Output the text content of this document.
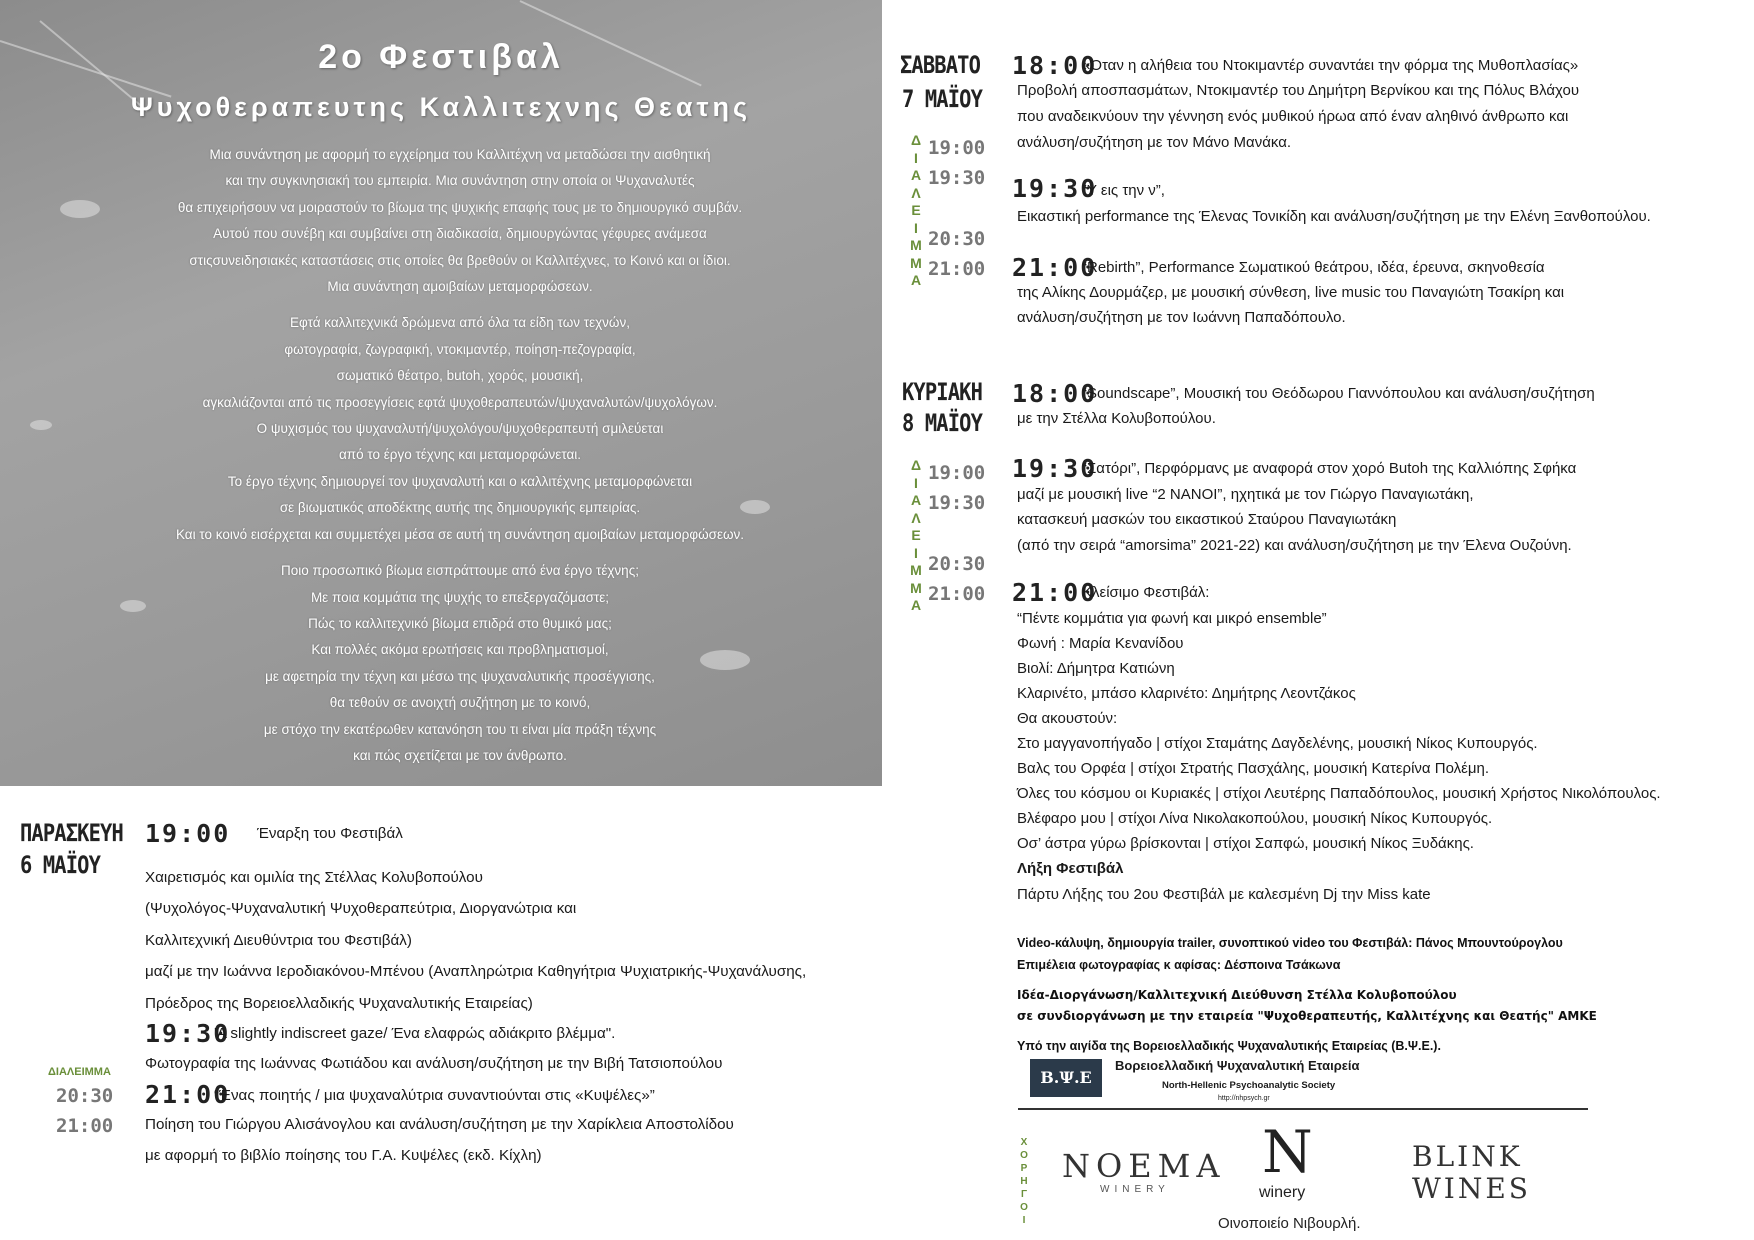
2ο Φεστιβαλ
Ψυχοθεραπευτης Καλλιτεχνης Θεατης

Μια συνάντηση με αφορμή το εγχείρημα του Καλλιτέχνη να μεταδώσει την αισθητική

και την συγκινησιακή του εμπειρία. Μια συνάντηση στην οποία οι Ψυχαναλυτές

θα επιχειρήσουν να μοιραστούν το βίωμα της ψυχικής επαφής τους με το δημιουργικό συμβάν.

Αυτού που συνέβη και συμβαίνει στη διαδικασία, δημιουργώντας γέφυρες ανάμεσα

στιςσυνειδησιακές καταστάσεις στις οποίες θα βρεθούν οι Καλλιτέχνες, το Κοινό και οι ίδιοι.

Μια συνάντηση αμοιβαίων μεταμορφώσεων.

Εφτά καλλιτεχνικά δρώμενα από όλα τα είδη των τεχνών,

φωτογραφία, ζωγραφική, ντοκιμαντέρ, ποίηση-πεζογραφία,

σωματικό θέατρο, butoh, χορός, μουσική,

αγκαλιάζονται από τις προσεγγίσεις εφτά ψυχοθεραπευτών/ψυχαναλυτών/ψυχολόγων.

Ο ψυχισμός του ψυχαναλυτή/ψυχολόγου/ψυχοθεραπευτή σμιλεύεται

από το έργο τέχνης και μεταμορφώνεται.

Το έργο τέχνης δημιουργεί τον ψυχαναλυτή και ο καλλιτέχνης μεταμορφώνεται

σε βιωματικός αποδέκτης αυτής της δημιουργικής εμπειρίας.

Και το κοινό εισέρχεται και συμμετέχει μέσα σε αυτή τη συνάντηση αμοιβαίων μεταμορφώσεων.

Ποιο προσωπικό βίωμα εισπράττουμε από ένα έργο τέχνης;

Με ποια κομμάτια της ψυχής το επεξεργαζόμαστε;

Πώς το καλλιτεχνικό βίωμα επιδρά στο θυμικό μας;

Και πολλές ακόμα ερωτήσεις και προβληματισμοί,

με αφετηρία την τέχνη και μέσω της ψυχαναλυτικής προσέγγισης,

θα τεθούν σε ανοιχτή συζήτηση με το κοινό,

με στόχο την εκατέρωθεν κατανόηση του τι είναι μία πράξη τέχνης

και πώς σχετίζεται με τον άνθρωπο.

ΠΑΡΑΣΚΕΥΗ
6 ΜΑΪΟΥ
19:00 Έναρξη του Φεστιβάλ
Χαιρετισμός και ομιλία της Στέλλας Κολυβοπούλου
(Ψυχολόγος-Ψυχαναλυτική Ψυχοθεραπεύτρια, Διοργανώτρια και
Καλλιτεχνική Διευθύντρια του Φεστιβάλ)
μαζί με την Ιωάννα Ιεροδιακόνου-Μπένου (Αναπληρώτρια Καθηγήτρια Ψυχιατρικής-Ψυχανάλυσης,
Πρόεδρος της Βορειοελλαδικής Ψυχαναλυτικής Εταιρείας)
19:30
'A slightly indiscreet gaze/ Ένα ελαφρώς αδιάκριτο βλέμμα".
Φωτογραφία της Ιωάννας Φωτιάδου και ανάλυση/συζήτηση με την Βιβή Τατσιοπούλου
ΔΙΑΛΕΙΜΜΑ
20:30
21:00
21:00
“Ένας ποιητής / μια ψυχαναλύτρια συναντιούνται στις «Κυψέλες»”
Ποίηση του Γιώργου Αλισάνογλου και ανάλυση/συζήτηση με την Χαρίκλεια Αποστολίδου
με αφορμή το βιβλίο ποίησης του Γ.Α. Κυψέλες (εκδ. Κίχλη)
ΣΑΒΒΑΤΟ
7 ΜΑΪΟΥ
Δ
Ι
Α
Λ
Ε
Ι
Μ
Μ
Α
19:00
19:30
20:30
21:00
18:00
«Όταν η αλήθεια του Ντοκιμαντέρ συναντάει την φόρμα της Μυθοπλασίας»
Προβολή αποσπασμάτων, Ντοκιμαντέρ του Δημήτρη Βερνίκου και της Πόλυς Βλάχου
που αναδεικνύουν την γέννηση ενός μυθικού ήρωα από έναν αληθινό άνθρωπο και
ανάλυση/συζήτηση με τον Μάνο Μανάκα.
19:30
“Υ εις την ν”,
Εικαστική performance της Έλενας Τονικίδη και ανάλυση/συζήτηση με την Ελένη Ξανθοπούλου.
21:00
“Rebirth”, Performance Σωματικού θεάτρου, ιδέα, έρευνα, σκηνοθεσία
της Αλίκης Δουρμάζερ, με μουσική σύνθεση, live music του Παναγιώτη Τσακίρη και
ανάλυση/συζήτηση με τον Ιωάννη Παπαδόπουλο.
ΚΥΡΙΑΚΗ
8 ΜΑΪΟΥ
Δ
Ι
Α
Λ
Ε
Ι
Μ
Μ
Α
19:00
19:30
20:30
21:00
18:00
“Soundscape”, Μουσική του Θεόδωρου Γιαννόπουλου και ανάλυση/συζήτηση
με την Στέλλα Κολυβοπούλου.
19:30
“Σατόρι”, Περφόρμανς με αναφορά στον χορό Butoh της Καλλιόπης Σφήκα
μαζί με μουσική live “2 NANOI”, ηχητικά με τον Γιώργο Παναγιωτάκη,
κατασκευή μασκών του εικαστικού Σταύρου Παναγιωτάκη
(από την σειρά “amorsima” 2021-22) και ανάλυση/συζήτηση με την Έλενα Ουζούνη.
21:00
Κλείσιμο Φεστιβάλ:
“Πέντε κομμάτια για φωνή και μικρό ensemble”
Φωνή : Μαρία Κενανίδου
Βιολί: Δήμητρα Κατιώνη
Κλαρινέτο, μπάσο κλαρινέτο: Δημήτρης Λεοντζάκος
Θα ακουστούν:
Στο μαγγανοπήγαδο | στίχοι Σταμάτης Δαγδελένης, μουσική Νίκος Κυπουργός.
Βαλς του Ορφέα | στίχοι Στρατής Πασχάλης, μουσική Κατερίνα Πολέμη.
Όλες του κόσμου οι Κυριακές | στίχοι Λευτέρης Παπαδόπουλος, μουσική Χρήστος Νικολόπουλος.
Βλέφαρο μου | στίχοι Λίνα Νικολακοπούλου, μουσική Νίκος Κυπουργός.
Οσ’ άστρα γύρω βρίσκονται | στίχοι Σαπφώ, μουσική Νίκος Ξυδάκης.
Λήξη Φεστιβάλ
Πάρτυ Λήξης του 2ου Φεστιβάλ με καλεσμένη Dj την Miss kate
Video-κάλυψη, δημιουργία trailer, συνοπτικού video του Φεστιβάλ: Πάνος Μπουντούρογλου
Επιμέλεια φωτογραφίας κ αφίσας: Δέσποινα Τσάκωνα
Ιδέα-Διοργάνωση/Καλλιτεχνική Διεύθυνση Στέλλα Κολυβοπούλου
σε συνδιοργάνωση με την εταιρεία "Ψυχοθεραπευτής, Καλλιτέχνης και Θεατής" ΑΜΚΕ
Υπό την αιγίδα της Βορειοελλαδικής Ψυχαναλυτικής Εταιρείας (Β.Ψ.Ε.).
Β.Ψ.Ε
Βορειοελλαδική Ψυχαναλυτική Εταιρεία
North-Hellenic Psychoanalytic Society
http://nhpsych.gr
Χ
Ο
Ρ
Η
Γ
Ο
Ι
NOEMA
WINERY
N
winery
Οινοποιείο Νιβουρλή.
BLINK
WINES
